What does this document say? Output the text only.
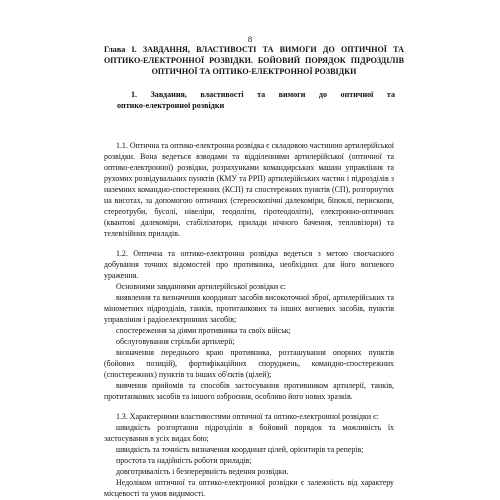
8
Глава I. ЗАВДАННЯ, ВЛАСТИВОСТІ ТА ВИМОГИ ДО ОПТИЧНОЇ ТА ОПТИКО-ЕЛЕКТРОННОЇ РОЗВІДКИ. БОЙОВИЙ ПОРЯДОК ПІДРОЗДІЛІВ ОПТИЧНОЇ ТА ОПТИКО-ЕЛЕКТРОННОЇ РОЗВІДКИ
1. Завдання, властивості та вимоги до оптичної та
оптико-електронної розвідки

1.1. Оптична та оптико-електронна розвідка є складовою частиною артилерійської розвідки. Вона ведеться взводами та відділеннями артилерійської (оптичної та оптико-електронної) розвідки, розрахунками командирських машин управління та рухомих розвідувальних пунктів (КМУ та РРП) артилерійських частин і підрозділів з наземних командно-спостережних (КСП) та спостережних пунктів (СП), розгорнутих на висотах, за допомогою оптичних (стереоскопічні далекоміри, біноклі, перископи, стереотруби, бусолі, нівеліри, теодоліти, гіротеодоліти), електронно-оптичних (квантові далекоміри, стабілізатори, прилади нічного бачення, тепловізори) та телевізійних приладів.

1.2. Оптична та оптико-електронна розвідка ведеться з метою своєчасного добування точних відомостей про противника, необхідних для його вогневого ураження.

Основними завданнями артилерійської розвідки є:

виявлення та визначення координат засобів високоточної зброї, артилерійських та мінометних підрозділів, танків, протитанкових та інших вогневих засобів, пунктів управління і радіоелектронних засобів;

спостереження за діями противника та своїх військ;

обслуговування стрільби артилерії;

визначення переднього краю противника, розташування опорних пунктів (бойових позицій), фортифікаційних споруджень, командно-спостережних (спостережних) пунктів та інших об'єктів (цілей);

вивчення прийомів та способів застосування противником артилерії, танків, протитанкових засобів та іншого озброєння, особливо його нових зразків.

1.3. Характерними властивостями оптичної та оптико-електронної розвідки є:

швидкість розгортання підрозділів в бойовий порядок та можливість їх застосування в усіх видах бою;

швидкість та точність визначення координат цілей, орієнтирів та реперів;

простота та надійність роботи приладів;

довготривалість і безперервність ведення розвідки.

Недоліком оптичної та оптико-електронної розвідки є залежність від характеру місцевості та умов видимості.
